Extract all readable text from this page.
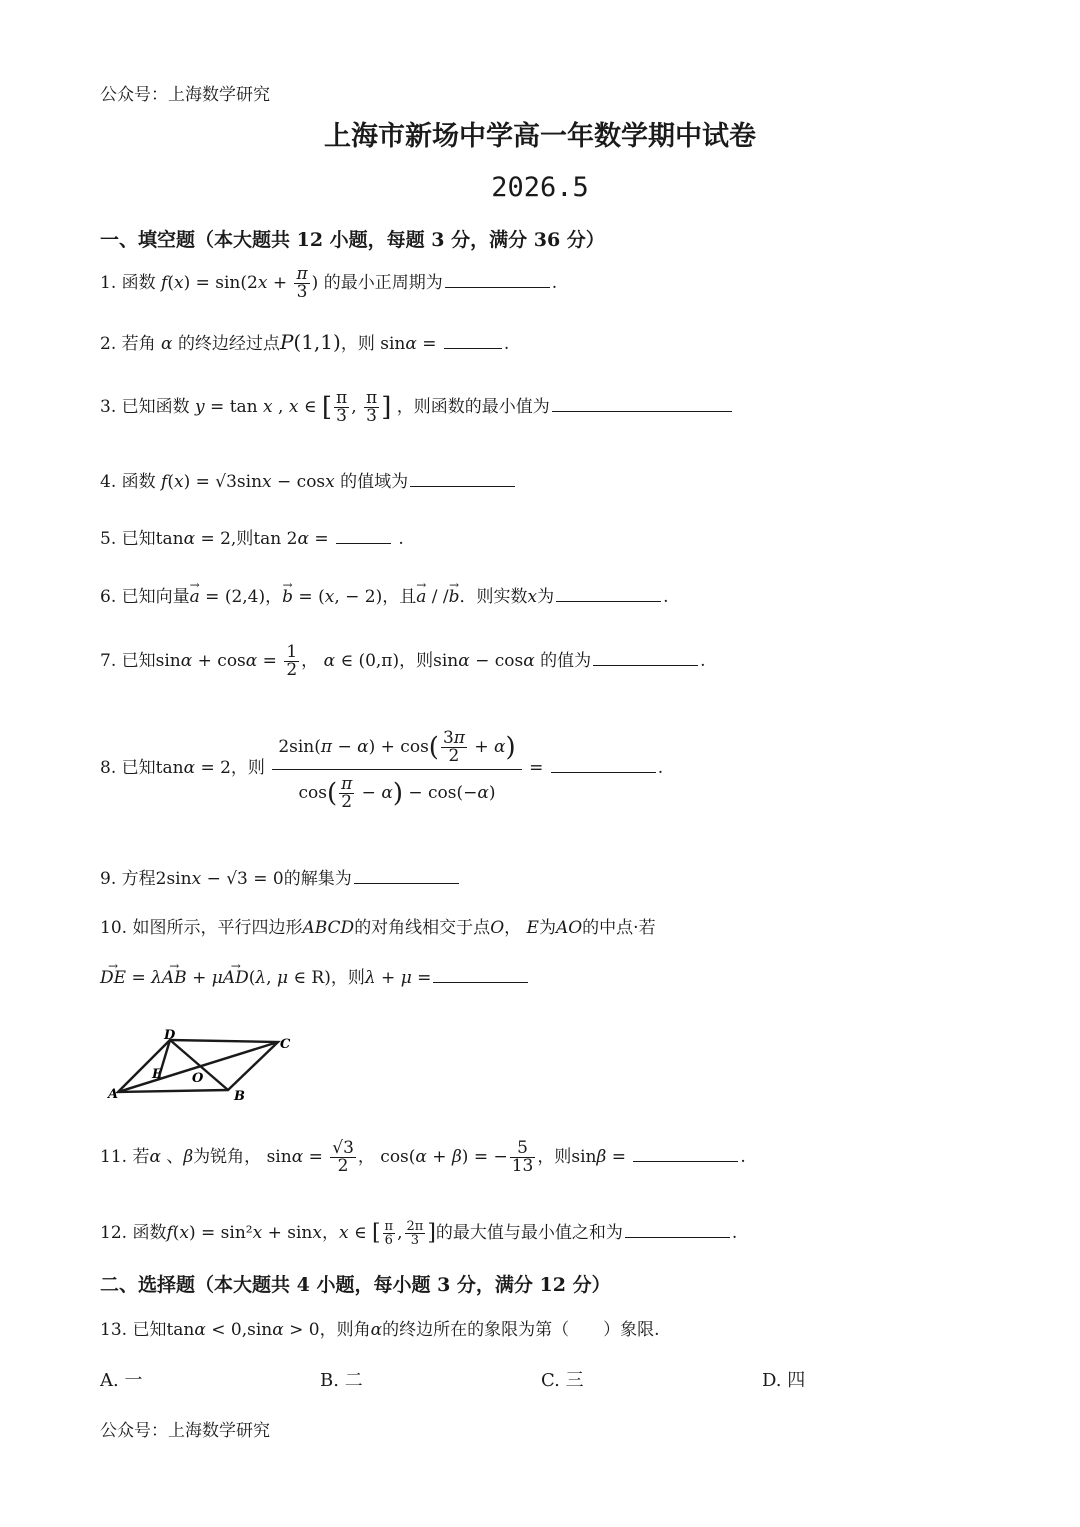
公众号：上海数学研究
上海市新场中学高一年数学期中试卷
2026.5
一、填空题（本大题共 12 小题，每题 3 分，满分 36 分）
1. 函数 $f(x) = \sin(2x + \frac{\pi}{3}$ ) 的最小正周期为	.
2. 若角 α 的终边经过点P(1,1)，则 sinα =	.
3. 已知函数 y = tan x , x ∈ [ $\frac{\pi}{3}$ , $\frac{\pi}{3}$ ] ，则函数的最小值为
4. 函数 f(x) = √3sinx − cosx 的值域为
5. 已知tanα = 2,则tan 2α =	.
6. 已知向量→ a = (2,4)，→ b = (x, − 2)，且→ a / /→ b．则实数x为	.
7. 已知$\sin\alpha + \cos\alpha = \frac{1}{2}$ ， α ∈ (0,π)，则sinα − cosα 的值为	.
8. 已知tanα = 2，则 $\frac{2\sin(\pi - \alpha) + \cos( \frac{3\pi}{2} + \alpha)}{\cos( \frac{\pi}{2} - \alpha) - \cos(-\alpha)}$ =	.
9. 方程2sinx − √3 = 0的解集为
10. 如图所示，平行四边形ABCD的对角线相交于点O， E为AO的中点·若
→ DE = λ→ AB + μ→ AD(λ, μ ∈ R)，则λ + μ =
D
C
E O
A	B
11. 若α 、β为锐角， $\sin\alpha = \frac{√3}{2}$ ， cos(α + β) = − $\frac{5}{13}$ ，则sinβ =	.
12. 函数f(x) = sin²x + sinx，x ∈ [ $\frac{\pi}{6}$ , $\frac{2\pi}{3}$ ]的最大值与最小值之和为	.
二、选择题（本大题共 4 小题，每小题 3 分，满分 12 分）
13. 已知tanα < 0,sinα > 0，则角α的终边所在的象限为第（　　）象限.
A. 一	B. 二	C. 三	D. 四
公众号：上海数学研究
